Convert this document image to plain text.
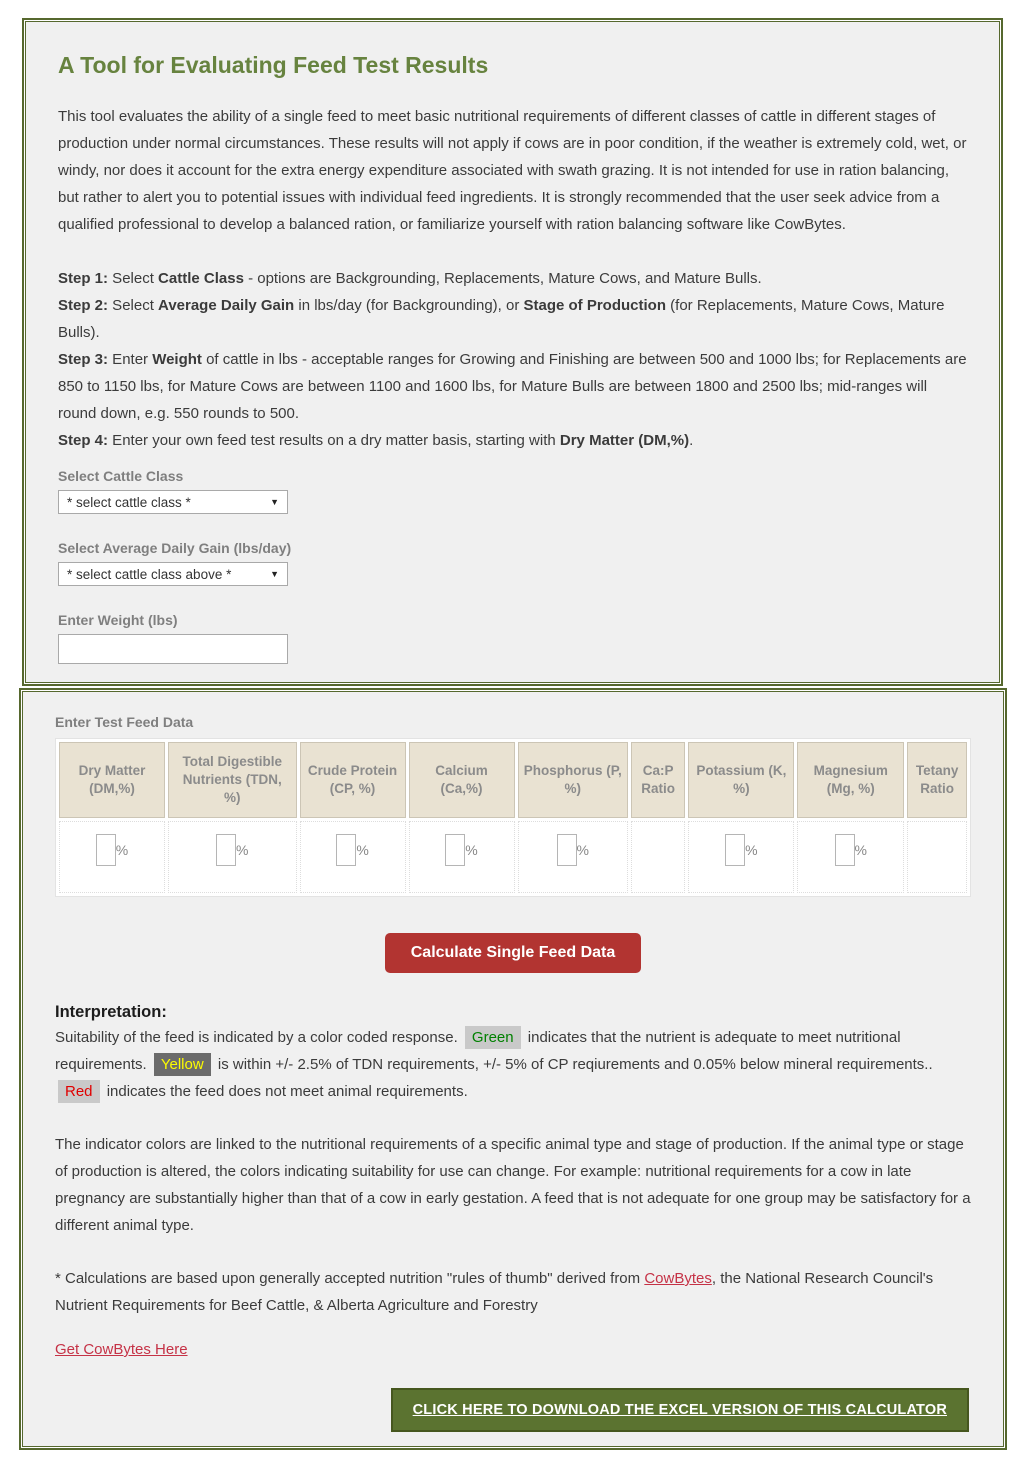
A Tool for Evaluating Feed Test Results

This tool evaluates the ability of a single feed to meet basic nutritional requirements of different classes of cattle in different stages of production under normal circumstances. These results will not apply if cows are in poor condition, if the weather is extremely cold, wet, or windy, nor does it account for the extra energy expenditure associated with swath grazing. It is not intended for use in ration balancing, but rather to alert you to potential issues with individual feed ingredients. It is strongly recommended that the user seek advice from a qualified professional to develop a balanced ration, or familiarize yourself with ration balancing software like CowBytes.

Step 1: Select Cattle Class - options are Backgrounding, Replacements, Mature Cows, and Mature Bulls.

Step 2: Select Average Daily Gain in lbs/day (for Backgrounding), or Stage of Production (for Replacements, Mature Cows, Mature Bulls).

Step 3: Enter Weight of cattle in lbs - acceptable ranges for Growing and Finishing are between 500 and 1000 lbs; for Replacements are 850 to 1150 lbs, for Mature Cows are between 1100 and 1600 lbs, for Mature Bulls are between 1800 and 2500 lbs; mid-ranges will round down, e.g. 550 rounds to 500.

Step 4: Enter your own feed test results on a dry matter basis, starting with Dry Matter (DM,%).

Select Cattle Class
* select cattle class *	▼
Select Average Daily Gain (lbs/day)
* select cattle class above *	▼
Enter Weight (lbs)
Enter Test Feed Data
Dry Matter (DM,%)	Total Digestible Nutrients (TDN, %)	Crude Protein (CP, %)	Calcium (Ca,%)	Phosphorus (P, %)	Ca:P Ratio	Potassium (K, %)	Magnesium (Mg, %)	Tetany Ratio

%	%	%	%	%		%	%	

Calculate Single Feed Data
Interpretation:

Suitability of the feed is indicated by a color coded response. Green indicates that the nutrient is adequate to meet nutritional requirements. Yellow is within +/- 2.5% of TDN requirements, +/- 5% of CP reqiurements and 0.05% below mineral requirements.. Red indicates the feed does not meet animal requirements.

The indicator colors are linked to the nutritional requirements of a specific animal type and stage of production. If the animal type or stage of production is altered, the colors indicating suitability for use can change. For example: nutritional requirements for a cow in late pregnancy are substantially higher than that of a cow in early gestation. A feed that is not adequate for one group may be satisfactory for a different animal type.

* Calculations are based upon generally accepted nutrition "rules of thumb" derived from CowBytes, the National Research Council's Nutrient Requirements for Beef Cattle, & Alberta Agriculture and Forestry

Get CowBytes Here
CLICK HERE TO DOWNLOAD THE EXCEL VERSION OF THIS CALCULATOR
